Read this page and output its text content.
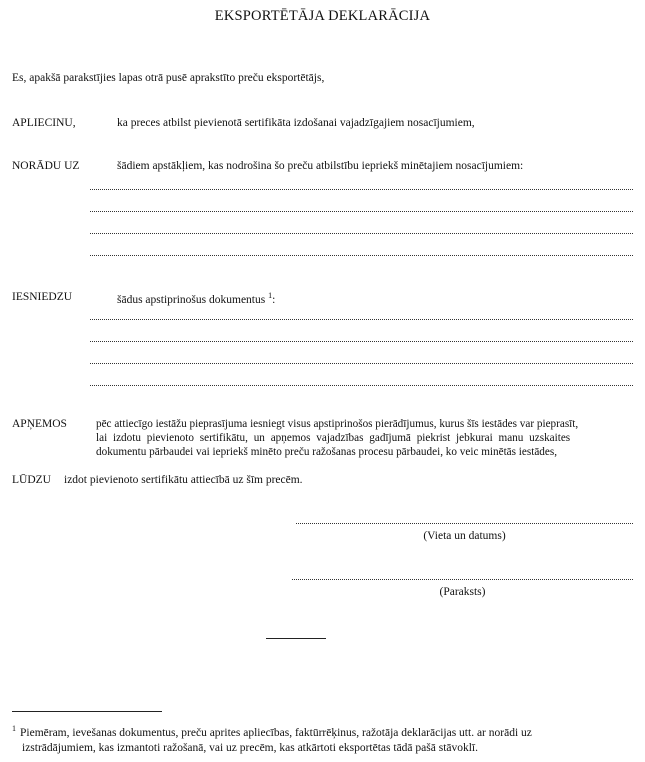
EKSPORTĒTĀJA DEKLARĀCIJA
Es, apakšā parakstījies lapas otrā pusē aprakstīto preču eksportētājs,
APLIECINU,	ka preces atbilst pievienotā sertifikāta izdošanai vajadzīgajiem nosacījumiem,
NORĀDU UZ	šādiem apstākļiem, kas nodrošina šo preču atbilstību iepriekš minētajiem nosacījumiem:
IESNIEDZU	šādus apstiprinošus dokumentus $^1$:
APŅEMOS	pēc attiecīgo iestāžu pieprasījuma iesniegt visus apstiprinošos pierādījumus, kurus šīs iestādes var pieprasīt,
lai izdotu pievienoto sertifikātu, un apņemos vajadzības gadījumā piekrist jebkurai manu uzskaites
dokumentu pārbaudei vai iepriekš minēto preču ražošanas procesu pārbaudei, ko veic minētās iestādes,
LŪDZU izdot pievienoto sertifikātu attiecībā uz šīm precēm.
(Vieta un datums)
(Paraksts)
$^1$ Piemēram, ievešanas dokumentus, preču aprites apliecības, faktūrrēķinus, ražotāja deklarācijas utt. ar norādi uz
izstrādājumiem, kas izmantoti ražošanā, vai uz precēm, kas atkārtoti eksportētas tādā pašā stāvoklī.
